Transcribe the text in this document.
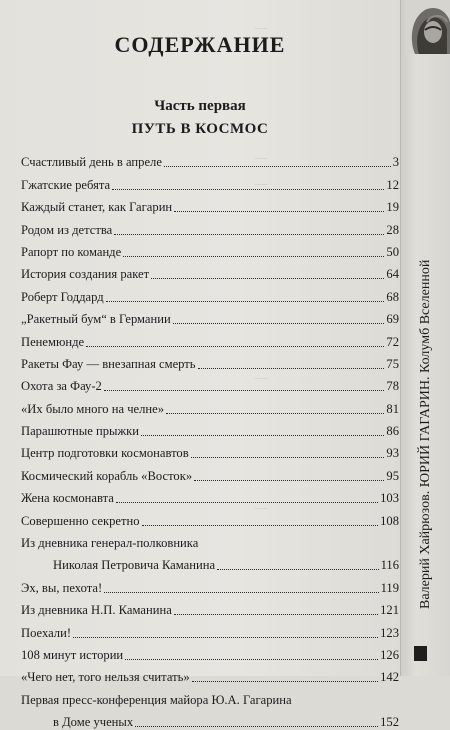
—
—
—
—
—
СОДЕРЖАНИЕ
Часть первая
ПУТЬ В КОСМОС
Счастливый день в апреле	3
Гжатские ребята	12
Каждый станет, как Гагарин	19
Родом из детства	28
Рапорт по команде	50
История создания ракет	64
Роберт Годдард	68
„Ракетный бум“ в Германии	69
Пенемюнде	72
Ракеты Фау — внезапная смерть	75
Охота за Фау-2	78
«Их было много на челне»	81
Парашютные прыжки	86
Центр подготовки космонавтов	93
Космический корабль «Восток»	95
Жена космонавта	103
Совершенно секретно	108
Из дневника генерал-полковника
Николая Петровича Каманина	116
Эх, вы, пехота!	119
Из дневника Н.П. Каманина	121
Поехали!	123
108 минут истории	126
«Чего нет, того нельзя считать»	142
Первая пресс-конференция майора Ю.А. Гагарина
в Доме ученых	152
Валерий Хайрюзов. ЮРИЙ ГАГАРИН. Колумб Вселенной
